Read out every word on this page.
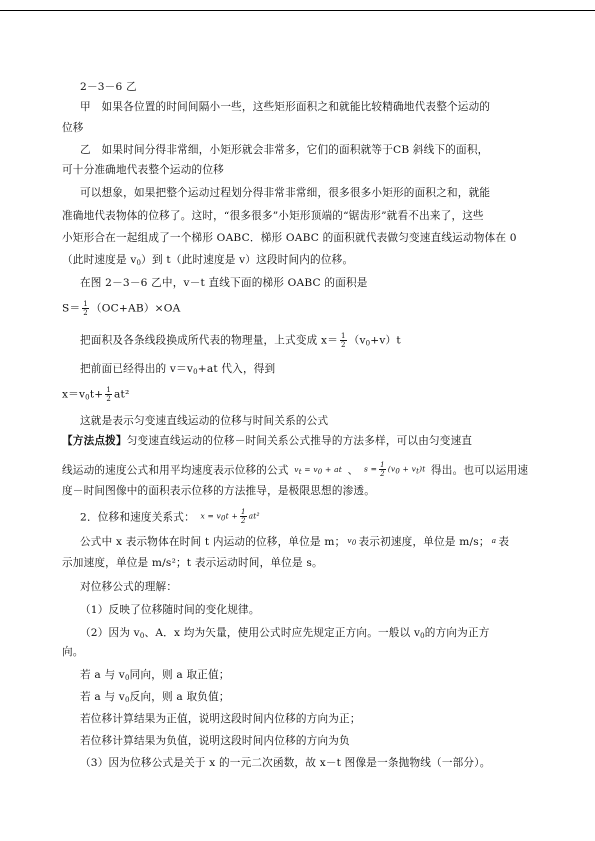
2－3－6 乙
甲　如果各位置的时间间隔小一些，这些矩形面积之和就能比较精确地代表整个运动的
位移
乙　如果时间分得非常细，小矩形就会非常多，它们的面积就等于CB 斜线下的面积，
可十分准确地代表整个运动的位移
可以想象，如果把整个运动过程划分得非常非常细，很多很多小矩形的面积之和，就能
准确地代表物体的位移了。这时，“很多很多”小矩形顶端的“锯齿形”就看不出来了，这些
小矩形合在一起组成了一个梯形 OABC．梯形 OABC 的面积就代表做匀变速直线运动物体在 0
（此时速度是 $v_0$）到 t（此时速度是 v）这段时间内的位移。
在图 2－3－6 乙中，v－t 直线下面的梯形 OABC 的面积是
$S= \frac{1}{2} (OC+AB)\times OA$
把面积及各条线段换成所代表的物理量，上式变成 $x= \frac{1}{2} (v_0+v)t$
把前面已经得出的 $v=v_0+at$ 代入，得到
$x=v_0t+ \frac{1}{2} at^2$
这就是表示匀变速直线运动的位移与时间关系的公式
【方法点拨】匀变速直线运动的位移－时间关系公式推导的方法多样，可以由匀变速直
线运动的速度公式和用平均速度表示位移的公式 $v_t = v_0$ + at 、 $s = \frac{1}{2} (v_0 + v_t)t$ 得出。也可以运用速
度－时间图像中的面积表示位移的方法推导，是极限思想的渗透。
2．位移和速度关系式： $x = v_0t + \frac{1}{2} at^2$
公式中 x 表示物体在时间 t 内运动的位移，单位是 m； $v_0$ 表示初速度，单位是 m/s； a 表
示加速度，单位是 m/s²；t 表示运动时间，单位是 s。
对位移公式的理解：
（1）反映了位移随时间的变化规律。
（2）因为 $v_0$、A．x 均为矢量，使用公式时应先规定正方向。一般以 $v_0$的方向为正方
向。
若 a 与 $v_0$同向，则 a 取正值；
若 a 与 $v_0$反向，则 a 取负值；
若位移计算结果为正值，说明这段时间内位移的方向为正；
若位移计算结果为负值，说明这段时间内位移的方向为负
（3）因为位移公式是关于 x 的一元二次函数，故 x－t 图像是一条抛物线（一部分）。
